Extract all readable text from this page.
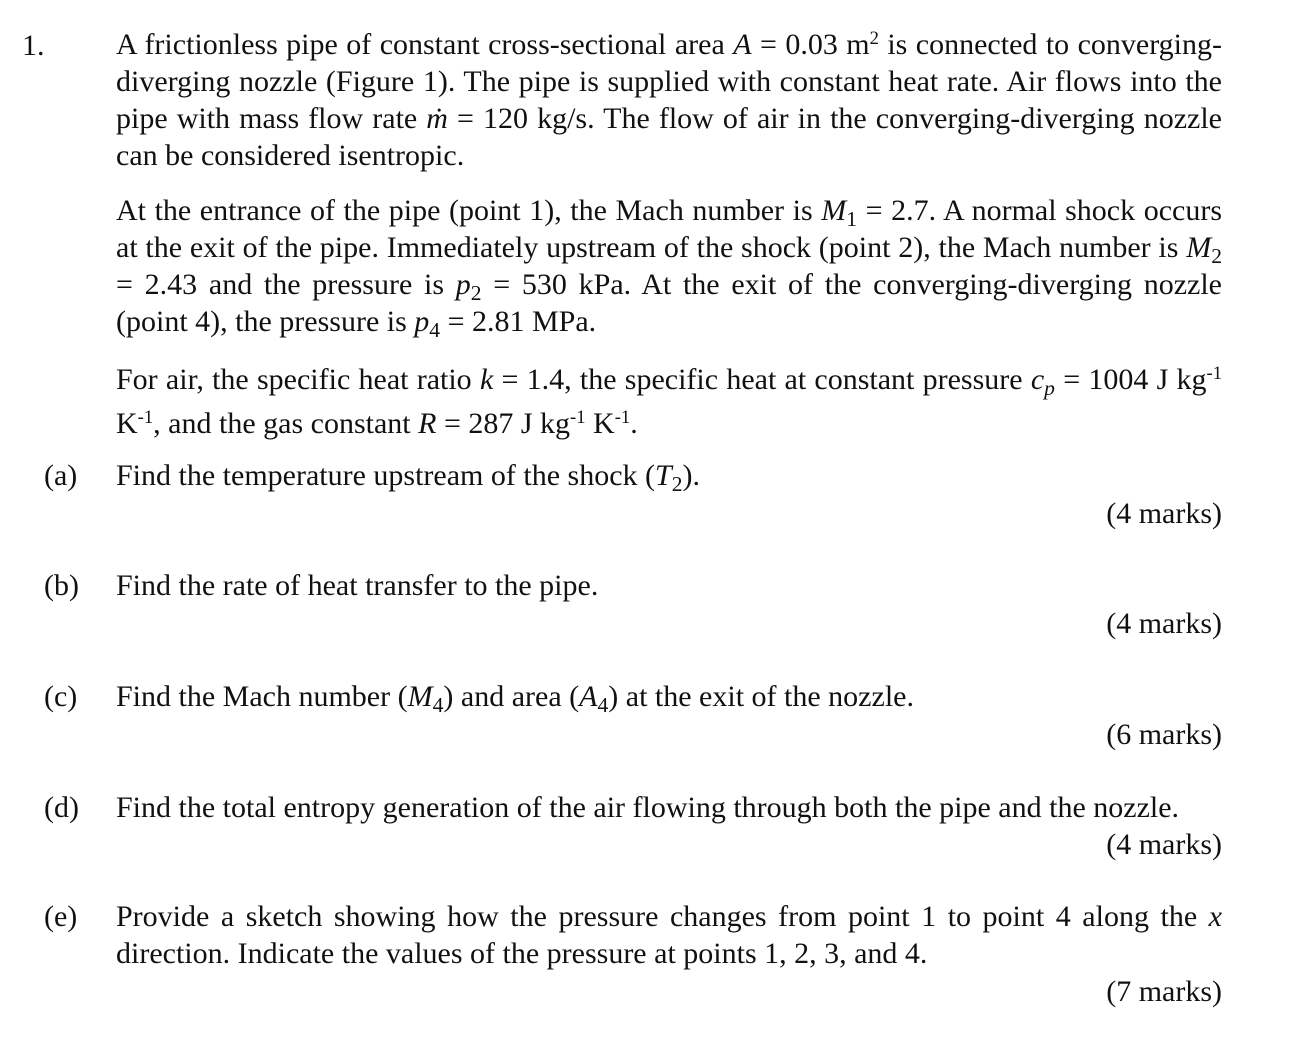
1. A frictionless pipe of constant cross-sectional area A = 0.03 $m^2$ is connected to converging-diverging nozzle (Figure 1). The pipe is supplied with constant heat rate. Air flows into the pipe with mass flow rate ṁ = 120 kg/s. The flow of air in the converging-diverging nozzle can be considered isentropic.
At the entrance of the pipe (point 1), the Mach number is $M_1 = 2.7$. A normal shock occurs at the exit of the pipe. Immediately upstream of the shock (point 2), the Mach number is $M_2 = 2.43$ and the pressure is $p_2 = 530$ kPa. At the exit of the converging-diverging nozzle (point 4), the pressure is $p_4 = 2.81$ MPa.
For air, the specific heat ratio k = 1.4, the specific heat at constant pressure $c_p = 1004$ J $kg^{-1}$ $K^{-1}$, and the gas constant R = 287 J $kg^{-1}$ $K^{-1}$.
(a) Find the temperature upstream of the shock $(T_2)$.
(4 marks)
(b) Find the rate of heat transfer to the pipe.
(4 marks)
(c) Find the Mach number $(M_4)$ and area $(A_4)$ at the exit of the nozzle.
(6 marks)
(d) Find the total entropy generation of the air flowing through both the pipe and the nozzle.
(4 marks)
(e) Provide a sketch showing how the pressure changes from point 1 to point 4 along the x direction. Indicate the values of the pressure at points 1, 2, 3, and 4.
(7 marks)
